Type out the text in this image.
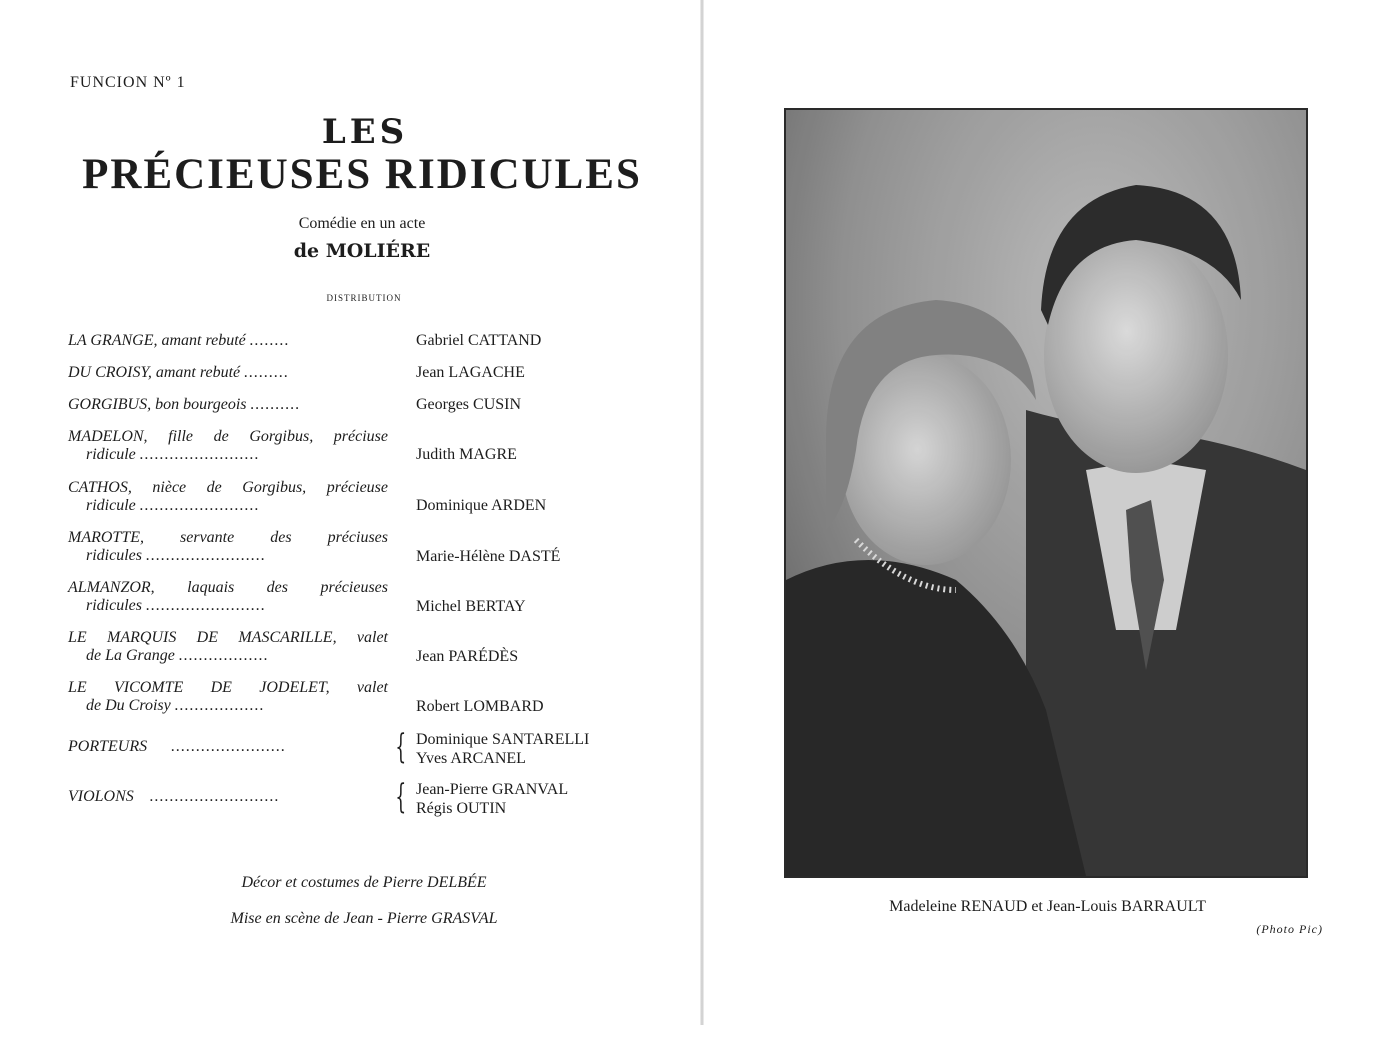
FUNCION Nº 1
LES
PRÉCIEUSES RIDICULES
Comédie en un acte
de MOLIÉRE
DISTRIBUTION
LA GRANGE, amant rebuté ........	Gabriel CATTAND
DU CROISY, amant rebuté .........	Jean LAGACHE
GORGIBUS, bon bourgeois ..........	Georges CUSIN
MADELON, fille de Gorgibus, préciuse
ridicule ........................	Judith MAGRE
CATHOS, nièce de Gorgibus, précieuse
ridicule ........................	Dominique ARDEN
MAROTTE, servante des préciuses
ridicules ........................	Marie-Hélène DASTÉ
ALMANZOR, laquais des précieuses
ridicules ........................	Michel BERTAY
LE MARQUIS DE MASCARILLE, valet
de La Grange ..................	Jean PARÉDÈS
LE VICOMTE DE JODELET, valet
de Du Croisy ..................	Robert LOMBARD
PORTEURS .......................	{ Dominique SANTARELLI
Yves ARCANEL
VIOLONS ..........................	{ Jean-Pierre GRANVAL
Régis OUTIN
Décor et costumes de Pierre DELBÉE
Mise en scène de Jean - Pierre GRASVAL
Madeleine RENAUD et Jean-Louis BARRAULT
(Photo Pic)
